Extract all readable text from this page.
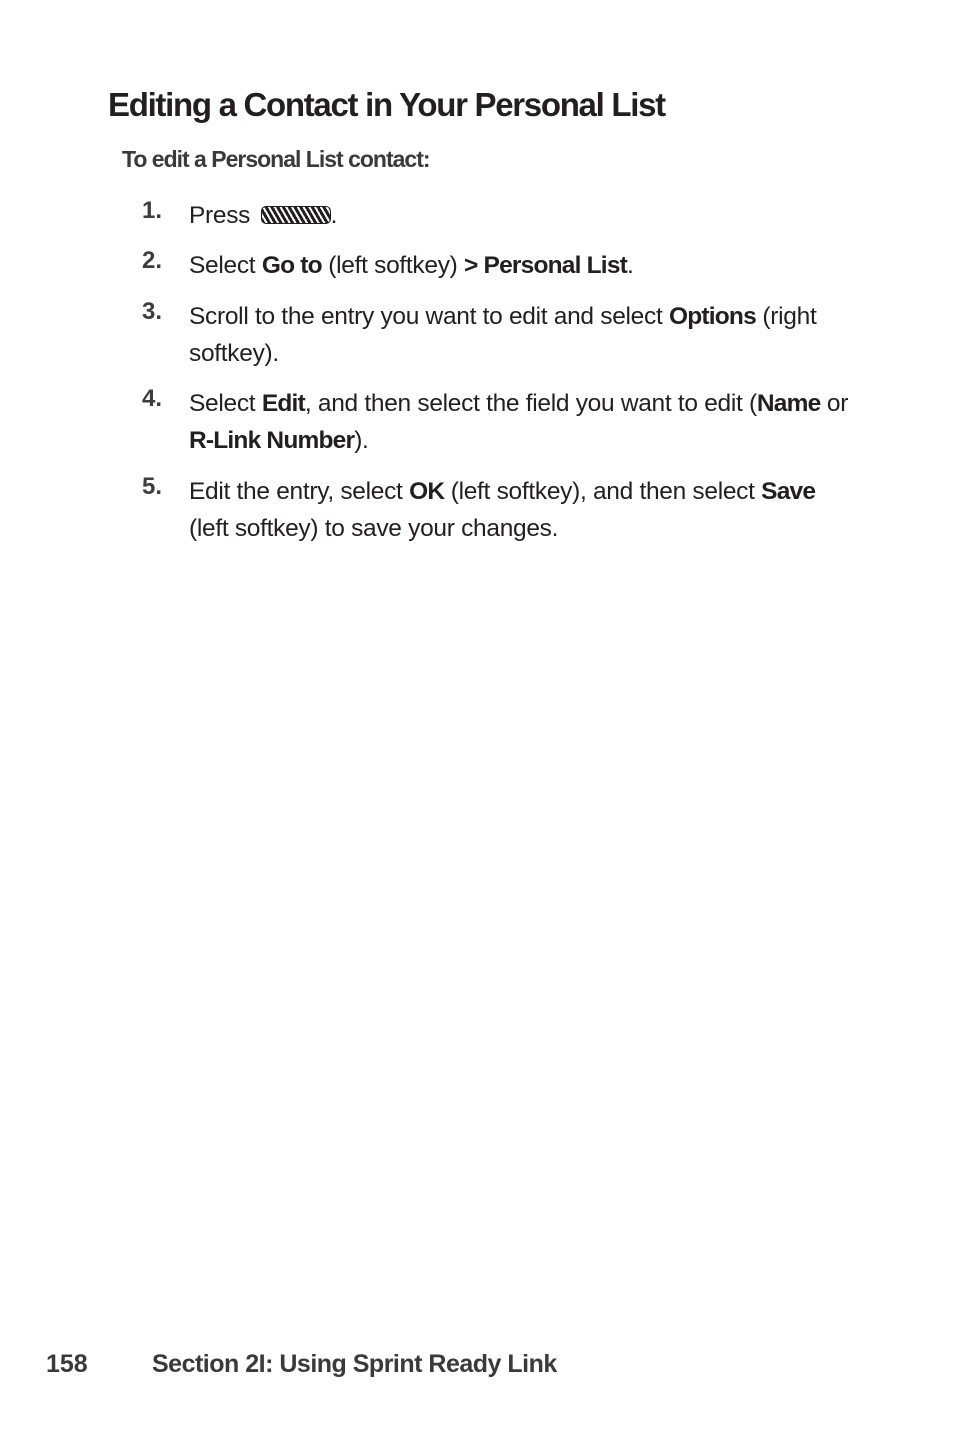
Editing a Contact in Your Personal List
To edit a Personal List contact:
1. Press	.
2. Select Go to (left softkey) > Personal List.
3. Scroll to the entry you want to edit and select Options (right softkey).
4. Select Edit, and then select the field you want to edit (Name or R-Link Number).
5. Edit the entry, select OK (left softkey), and then select Save (left softkey) to save your changes.
158	Section 2I: Using Sprint Ready Link
